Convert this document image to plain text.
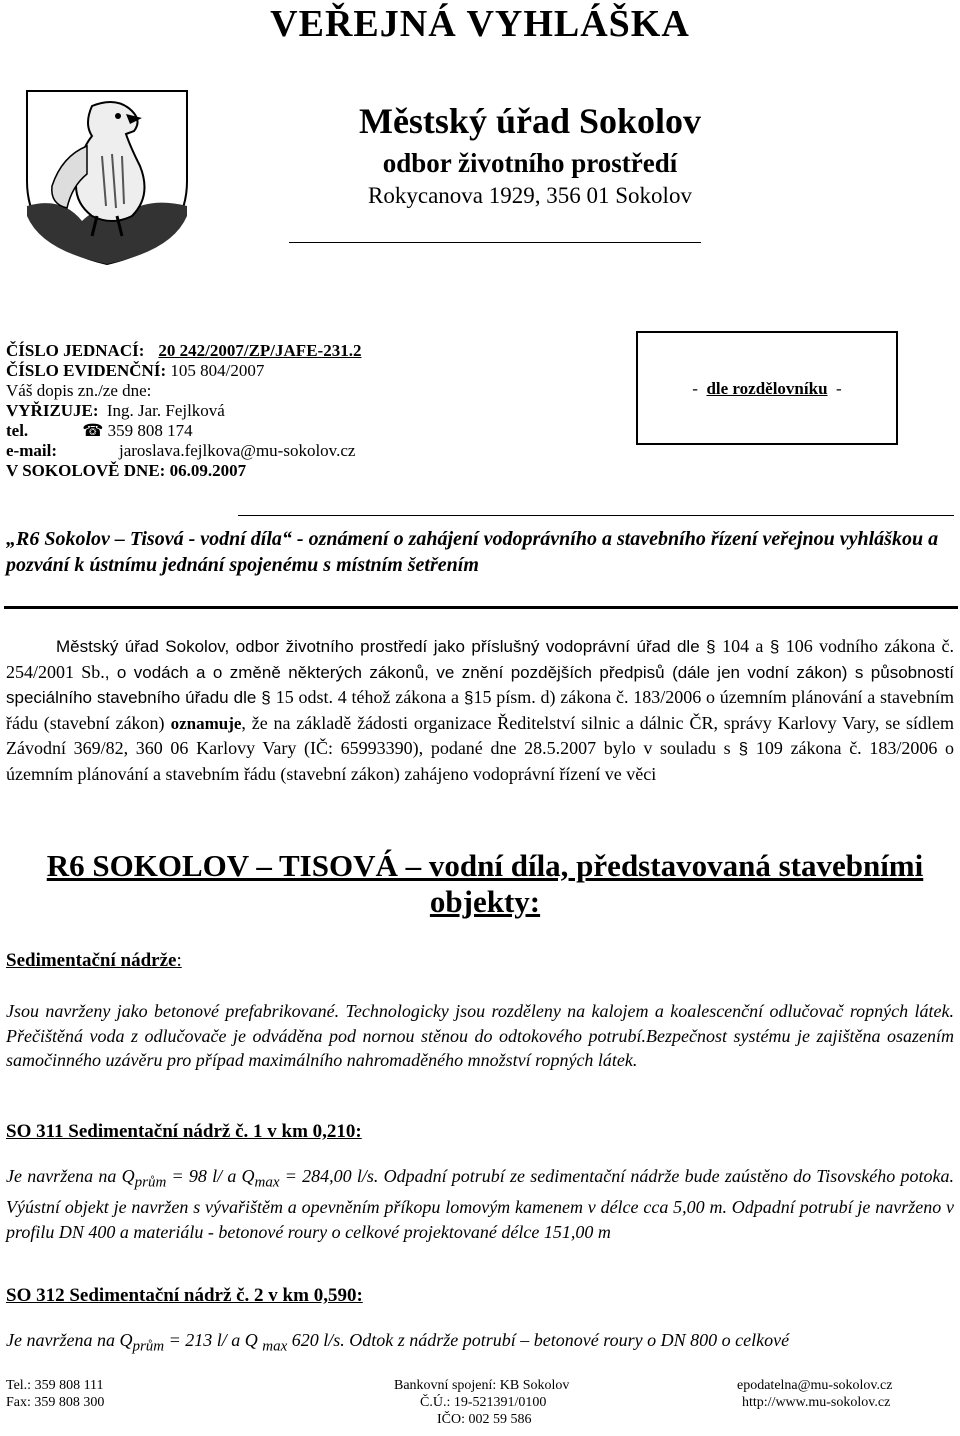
VEŘEJNÁ VYHLÁŠKA
Městský úřad Sokolov
odbor životního prostředí
Rokycanova 1929, 356 01 Sokolov
ČÍSLO JEDNACÍ: 20 242/2007/ZP/JAFE-231.2
ČÍSLO EVIDENČNÍ: 105 804/2007
Váš dopis zn./ze dne:
VYŘIZUJE: Ing. Jar. Fejlková
tel.	☎ 359 808 174
e-mail:	jaroslava.fejlkova@mu-sokolov.cz
V SOKOLOVĚ DNE: 06.09.2007
- dle rozdělovníku -
„R6 Sokolov – Tisová - vodní díla“ - oznámení o zahájení vodoprávního a stavebního řízení veřejnou vyhláškou a pozvání k ústnímu jednání spojenému s místním šetřením
Městský úřad Sokolov, odbor životního prostředí jako příslušný vodoprávní úřad dle § 104 a § 106 vodního zákona č. 254/2001 Sb., o vodách a o změně některých zákonů, ve znění pozdějších předpisů (dále jen vodní zákon) s působností speciálního stavebního úřadu dle § 15 odst. 4 téhož zákona a §15 písm. d) zákona č. 183/2006 o územním plánování a stavebním řádu (stavební zákon) oznamuje, že na základě žádosti organizace Ředitelství silnic a dálnic ČR, správy Karlovy Vary, se sídlem Závodní 369/82, 360 06 Karlovy Vary (IČ: 65993390), podané dne 28.5.2007 bylo v souladu s § 109 zákona č. 183/2006 o územním plánování a stavebním řádu (stavební zákon) zahájeno vodoprávní řízení ve věci
R6 SOKOLOV – TISOVÁ – vodní díla, představovaná stavebními
objekty:
Sedimentační nádrže:
Jsou navrženy jako betonové prefabrikované. Technologicky jsou rozděleny na kalojem a koalescenční odlučovač ropných látek. Přečištěná voda z odlučovače je odváděna pod nornou stěnou do odtokového potrubí.Bezpečnost systému je zajištěna osazením samočinného uzávěru pro případ maximálního nahromaděného množství ropných látek.
SO 311 Sedimentační nádrž č. 1 v km 0,210:
Je navržena na $Q_{prům} = 98$ l/ a $Q_{max} = 284,00$ l/s. Odpadní potrubí ze sedimentační nádrže bude zaústěno do Tisovského potoka. Výústní objekt je navržen s vývařištěm a opevněním příkopu lomovým kamenem v délce cca 5,00 m. Odpadní potrubí je navrženo v profilu DN 400 a materiálu - betonové roury o celkové projektované délce 151,00 m
SO 312 Sedimentační nádrž č. 2 v km 0,590:
Je navržena na $Q_{prům} = 213$ l/ a Q $_{max}$ 620 l/s. Odtok z nádrže potrubí – betonové roury o DN 800 o celkové
Tel.: 359 808 111
Fax: 359 808 300
Bankovní spojení: KB Sokolov
Č.Ú.: 19-521391/0100
IČO: 002 59 586
epodatelna@mu-sokolov.cz
http://www.mu-sokolov.cz
